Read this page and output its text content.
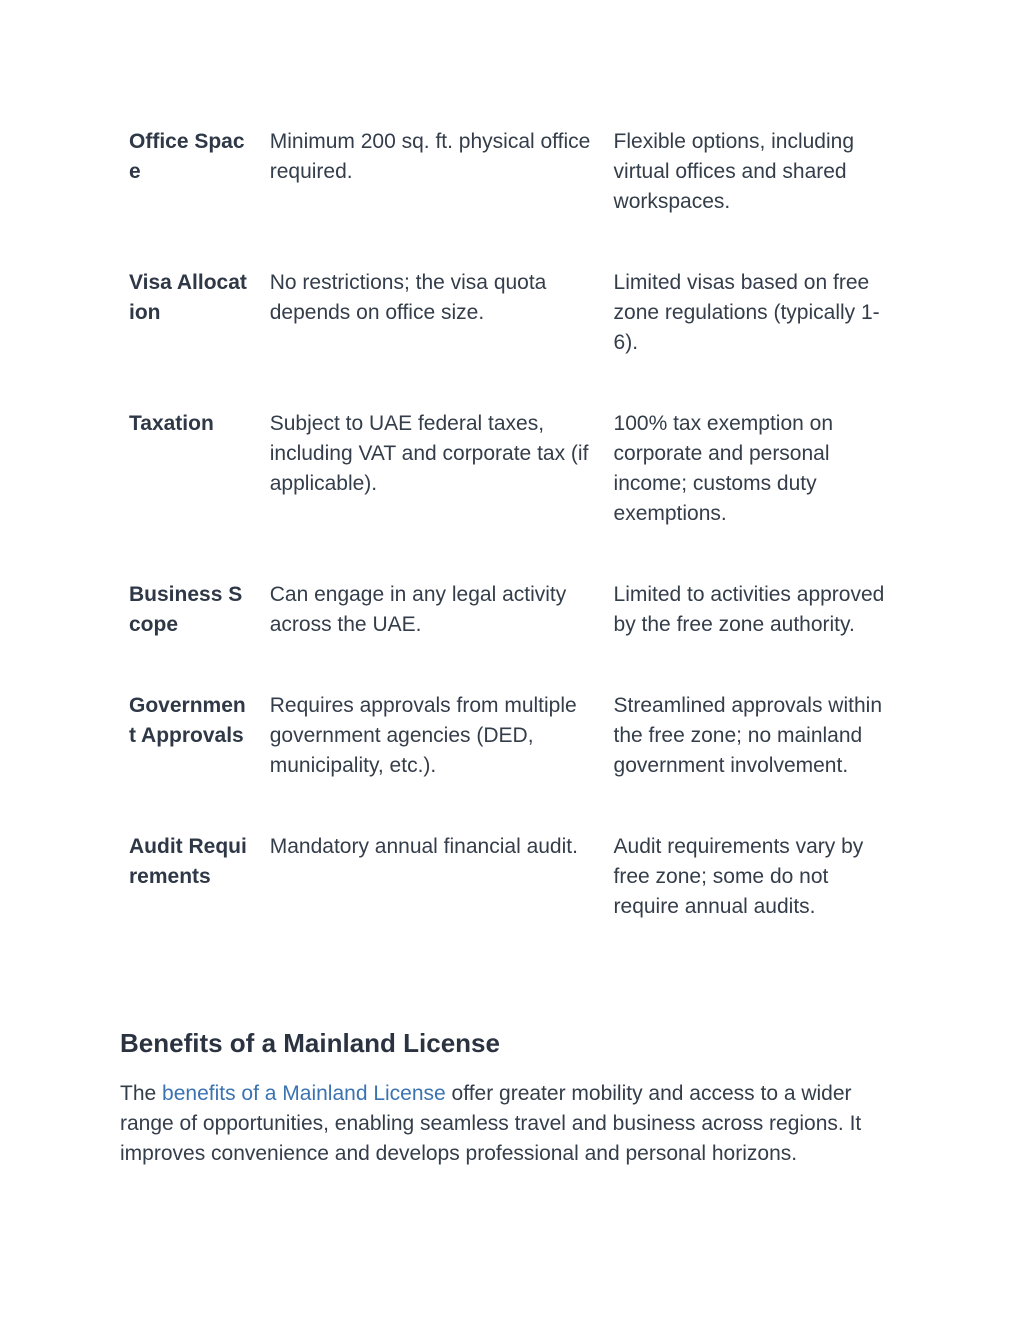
Office Space	Minimum 200 sq. ft. physical office required.	Flexible options, including virtual offices and shared workspaces.
Visa Allocation	No restrictions; the visa quota depends on office size.	Limited visas based on free zone regulations (typically 1-6).
Taxation	Subject to UAE federal taxes, including VAT and corporate tax (if applicable).	100% tax exemption on corporate and personal income; customs duty exemptions.
Business Scope	Can engage in any legal activity across the UAE.	Limited to activities approved by the free zone authority.
Government Approvals	Requires approvals from multiple government agencies (DED, municipality, etc.).	Streamlined approvals within the free zone; no mainland government involvement.
Audit Requirements	Mandatory annual financial audit.	Audit requirements vary by free zone; some do not require annual audits.
Benefits of a Mainland License

The benefits of a Mainland License offer greater mobility and access to a wider range of opportunities, enabling seamless travel and business across regions. It improves convenience and develops professional and personal horizons.
